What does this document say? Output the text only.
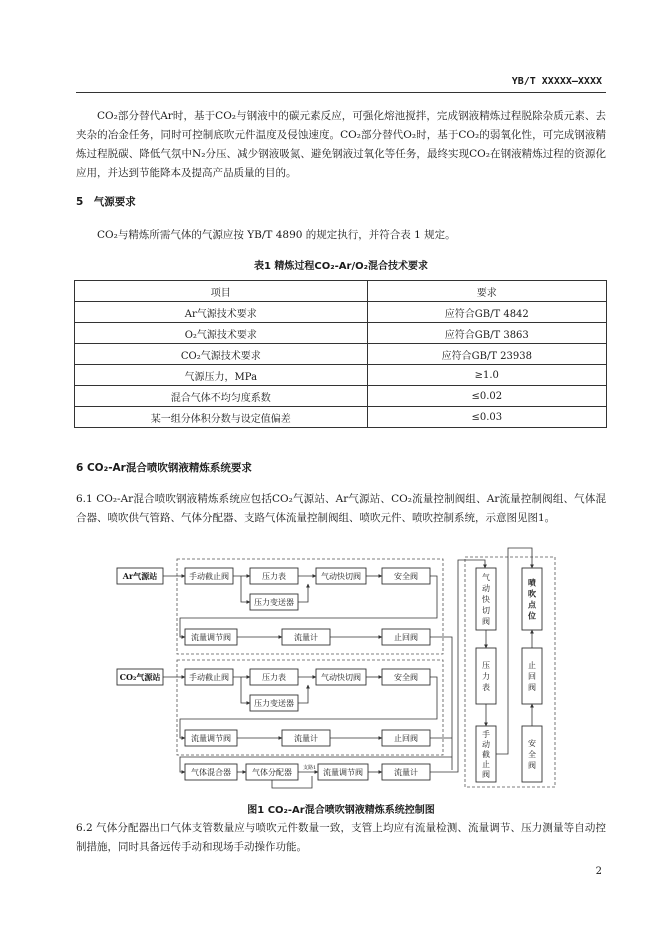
YB/T XXXXX—XXXX

CO₂部分替代Ar时，基于CO₂与钢液中的碳元素反应，可强化熔池搅拌，完成钢液精炼过程脱除杂质元素、去夹杂的冶金任务，同时可控制底吹元件温度及侵蚀速度。CO₂部分替代O₂时，基于CO₂的弱氧化性，可完成钢液精炼过程脱碳、降低气氛中N₂分压、减少钢液吸氮、避免钢液过氧化等任务，最终实现CO₂在钢液精炼过程的资源化应用，并达到节能降本及提高产品质量的目的。

5　气源要求

CO₂与精炼所需气体的气源应按 YB/T 4890 的规定执行，并符合表 1 规定。

表1 精炼过程CO₂-Ar/O₂混合技术要求
项目	要求
Ar气源技术要求	应符合GB/T 4842
O₂气源技术要求	应符合GB/T 3863
CO₂气源技术要求	应符合GB/T 23938
气源压力，MPa	≥1.0
混合气体不均匀度系数	≤0.02
某一组分体积分数与设定值偏差	≤0.03
6 CO₂-Ar混合喷吹钢液精炼系统要求

6.1 CO₂-Ar混合喷吹钢液精炼系统应包括CO₂气源站、Ar气源站、CO₂流量控制阀组、Ar流量控制阀组、气体混合器、喷吹供气管路、气体分配器、支路气体流量控制阀组、喷吹元件、喷吹控制系统，示意图见图1。

Ar气源站	手动截止阀	压力表	气动快切阀	安全阀
压力变送器
流量调节阀	流量计	止回阀
CO₂气源站	手动截止阀	压力表	气动快切阀	安全阀
压力变送器
流量调节阀	流量计	止回阀
气体混合器	气体分配器	流量调节阀	流量计
支路1
气动快切阀
压力表
手动截止阀
喷吹点位
止回阀
安全阀
图1 CO₂-Ar混合喷吹钢液精炼系统控制图

6.2 气体分配器出口气体支管数量应与喷吹元件数量一致，支管上均应有流量检测、流量调节、压力测量等自动控制措施，同时具备远传手动和现场手动操作功能。

2
